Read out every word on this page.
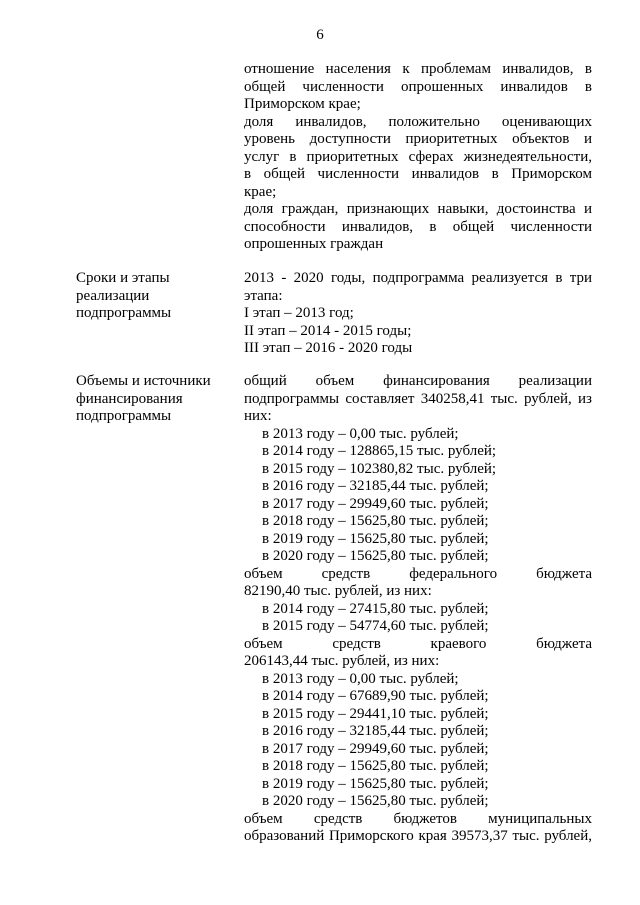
6
отношение населения к проблемам инвалидов, в
общей численности опрошенных инвалидов в
Приморском крае;
доля инвалидов, положительно оценивающих
уровень доступности приоритетных объектов и
услуг в приоритетных сферах жизнедеятельности,
в общей численности инвалидов в Приморском
крае;
доля граждан, признающих навыки, достоинства и
способности инвалидов, в общей численности
опрошенных граждан
Сроки и этапы
реализации
подпрограммы
2013 - 2020 годы, подпрограмма реализуется в три
этапа:
I этап – 2013 год;
II этап – 2014 - 2015 годы;
III этап – 2016 - 2020 годы
Объемы и источники
финансирования
подпрограммы
общий объем финансирования реализации
подпрограммы составляет 340258,41 тыс. рублей, из
них:
в 2013 году – 0,00 тыс. рублей;
в 2014 году – 128865,15 тыс. рублей;
в 2015 году – 102380,82 тыс. рублей;
в 2016 году – 32185,44 тыс. рублей;
в 2017 году – 29949,60 тыс. рублей;
в 2018 году – 15625,80 тыс. рублей;
в 2019 году – 15625,80 тыс. рублей;
в 2020 году – 15625,80 тыс. рублей;
объем средств федерального бюджета
82190,40 тыс. рублей, из них:
в 2014 году – 27415,80 тыс. рублей;
в 2015 году – 54774,60 тыс. рублей;
объем средств краевого бюджета
206143,44 тыс. рублей, из них:
в 2013 году – 0,00 тыс. рублей;
в 2014 году – 67689,90 тыс. рублей;
в 2015 году – 29441,10 тыс. рублей;
в 2016 году – 32185,44 тыс. рублей;
в 2017 году – 29949,60 тыс. рублей;
в 2018 году – 15625,80 тыс. рублей;
в 2019 году – 15625,80 тыс. рублей;
в 2020 году – 15625,80 тыс. рублей;
объем средств бюджетов муниципальных
образований Приморского края 39573,37 тыс. рублей,
